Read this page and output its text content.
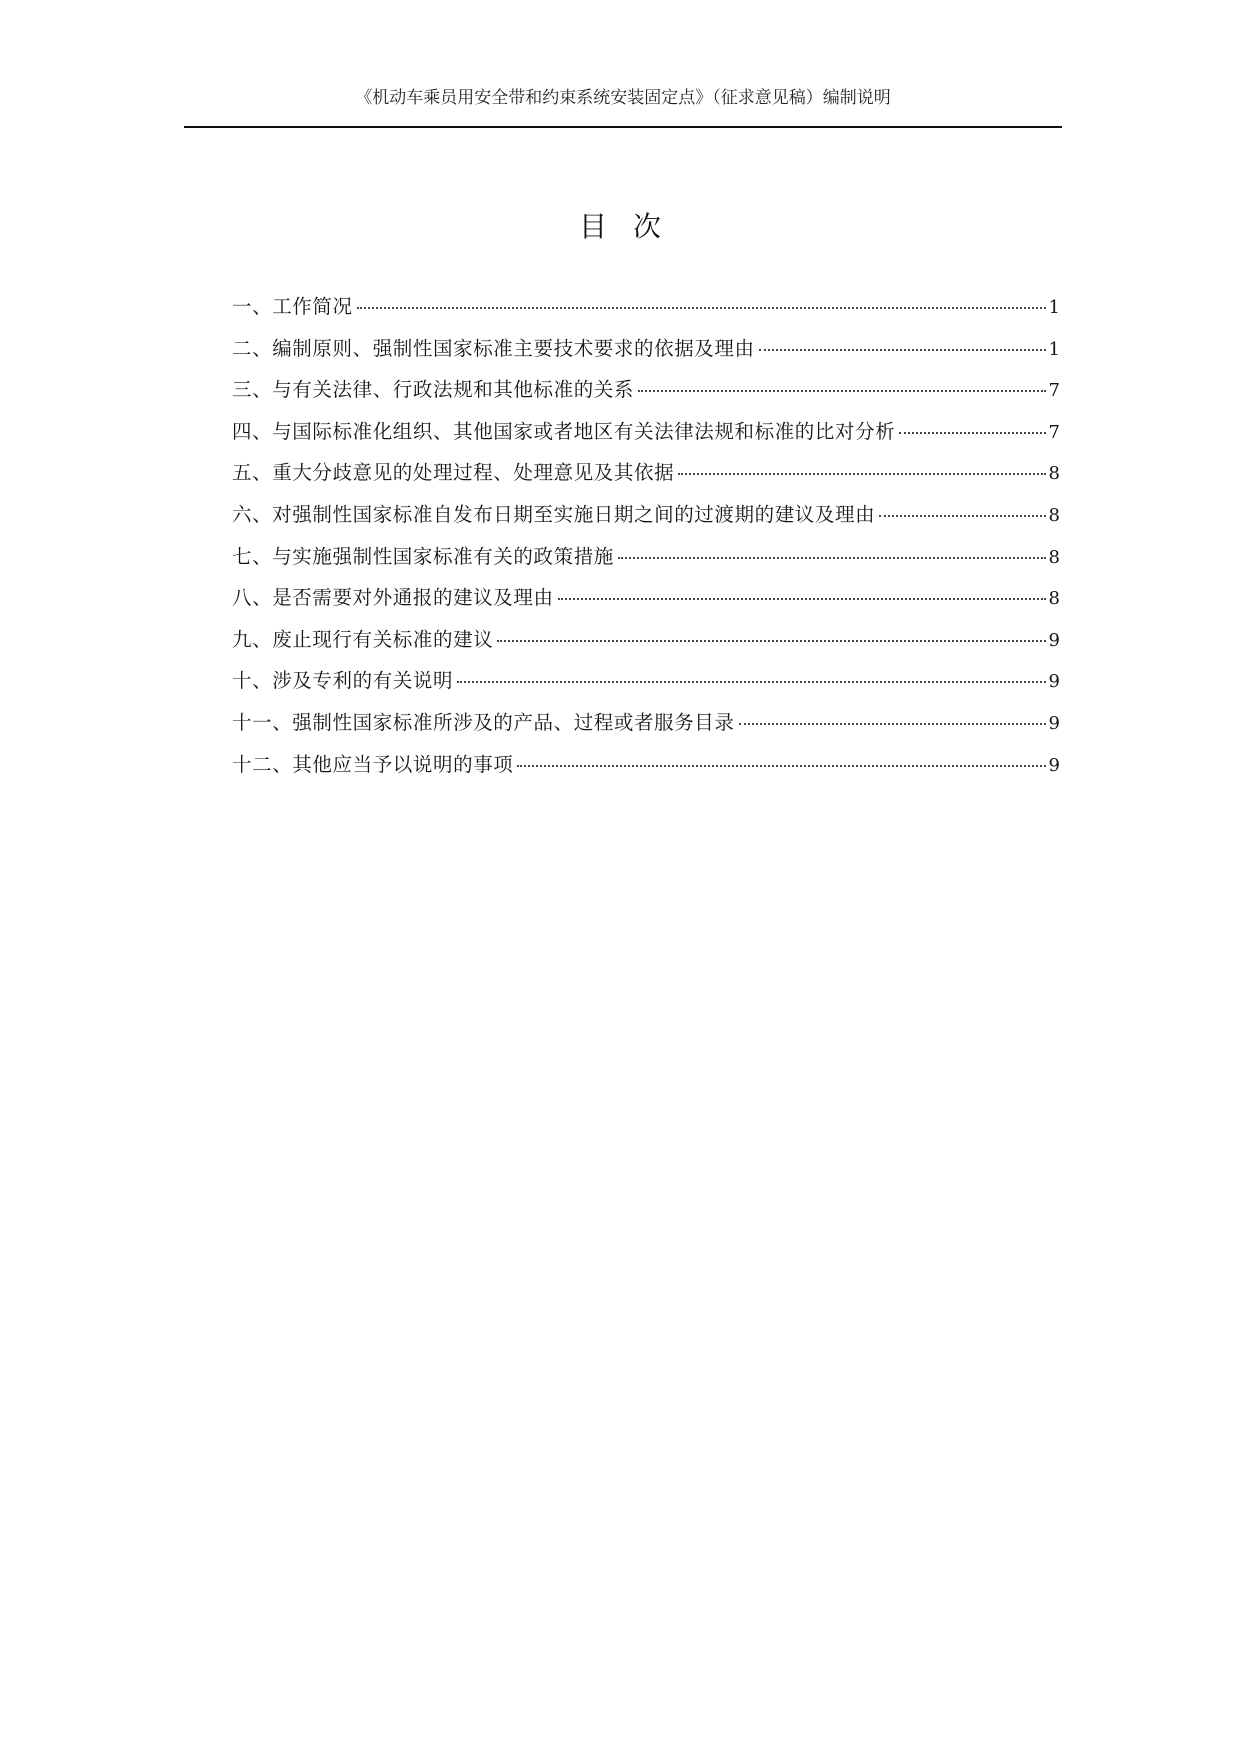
《机动车乘员用安全带和约束系统安装固定点》（征求意见稿）编制说明
目次
一、工作简况	1
二、编制原则、强制性国家标准主要技术要求的依据及理由	1
三、与有关法律、行政法规和其他标准的关系	7
四、与国际标准化组织、其他国家或者地区有关法律法规和标准的比对分析	7
五、重大分歧意见的处理过程、处理意见及其依据	8
六、对强制性国家标准自发布日期至实施日期之间的过渡期的建议及理由	8
七、与实施强制性国家标准有关的政策措施	8
八、是否需要对外通报的建议及理由	8
九、废止现行有关标准的建议	9
十、涉及专利的有关说明	9
十一、强制性国家标准所涉及的产品、过程或者服务目录	9
十二、其他应当予以说明的事项	9
